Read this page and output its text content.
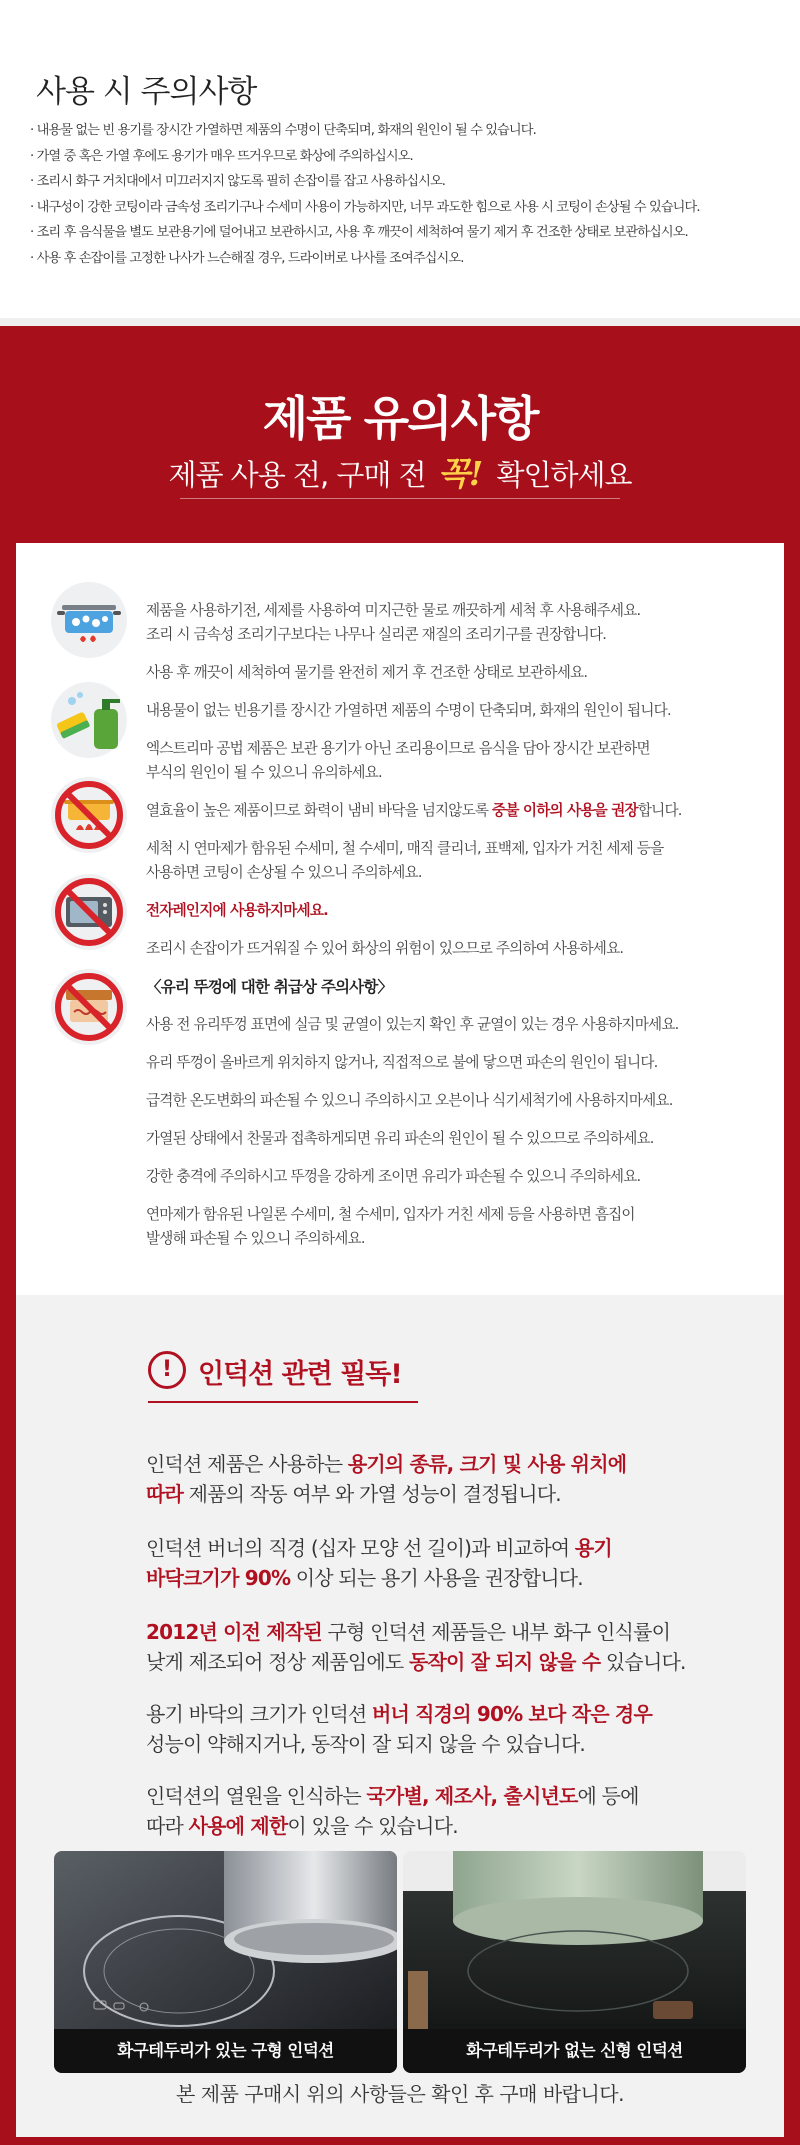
사용 시 주의사항
· 내용물 없는 빈 용기를 장시간 가열하면 제품의 수명이 단축되며, 화재의 원인이 될 수 있습니다.
· 가열 중 혹은 가열 후에도 용기가 매우 뜨거우므로 화상에 주의하십시오.
· 조리시 화구 거치대에서 미끄러지지 않도록 필히 손잡이를 잡고 사용하십시오.
· 내구성이 강한 코팅이라 금속성 조리기구나 수세미 사용이 가능하지만, 너무 과도한 힘으로 사용 시 코팅이 손상될 수 있습니다.
· 조리 후 음식물을 별도 보관용기에 덜어내고 보관하시고, 사용 후 깨끗이 세척하여 물기 제거 후 건조한 상태로 보관하십시오.
· 사용 후 손잡이를 고정한 나사가 느슨해질 경우, 드라이버로 나사를 조여주십시오.
제품 유의사항
제품 사용 전, 구매 전 꼭! 확인하세요
제품을 사용하기전, 세제를 사용하여 미지근한 물로 깨끗하게 세척 후 사용해주세요.
조리 시 금속성 조리기구보다는 나무나 실리콘 재질의 조리기구를 권장합니다.
사용 후 깨끗이 세척하여 물기를 완전히 제거 후 건조한 상태로 보관하세요.
내용물이 없는 빈용기를 장시간 가열하면 제품의 수명이 단축되며, 화재의 원인이 됩니다.
엑스트리마 공법 제품은 보관 용기가 아닌 조리용이므로 음식을 담아 장시간 보관하면
부식의 원인이 될 수 있으니 유의하세요.
열효율이 높은 제품이므로 화력이 냄비 바닥을 넘지않도록 중불 이하의 사용을 권장합니다.
세척 시 연마제가 함유된 수세미, 철 수세미, 매직 클리너, 표백제, 입자가 거친 세제 등을
사용하면 코팅이 손상될 수 있으니 주의하세요.
전자레인지에 사용하지마세요.
조리시 손잡이가 뜨거워질 수 있어 화상의 위험이 있으므로 주의하여 사용하세요.
〈유리 뚜껑에 대한 취급상 주의사항〉
사용 전 유리뚜껑 표면에 실금 및 균열이 있는지 확인 후 균열이 있는 경우 사용하지마세요.
유리 뚜껑이 올바르게 위치하지 않거나, 직접적으로 불에 닿으면 파손의 원인이 됩니다.
급격한 온도변화의 파손될 수 있으니 주의하시고 오븐이나 식기세척기에 사용하지마세요.
가열된 상태에서 찬물과 접촉하게되면 유리 파손의 원인이 될 수 있으므로 주의하세요.
강한 충격에 주의하시고 뚜껑을 강하게 조이면 유리가 파손될 수 있으니 주의하세요.
연마제가 함유된 나일론 수세미, 철 수세미, 입자가 거친 세제 등을 사용하면 흠집이
발생해 파손될 수 있으니 주의하세요.
! 인덕션 관련 필독!
인덕션 제품은 사용하는 용기의 종류, 크기 및 사용 위치에
따라 제품의 작동 여부 와 가열 성능이 결정됩니다.
인덕션 버너의 직경 (십자 모양 선 길이)과 비교하여 용기
바닥크기가 90% 이상 되는 용기 사용을 권장합니다.
2012년 이전 제작된 구형 인덕션 제품들은 내부 화구 인식률이
낮게 제조되어 정상 제품임에도 동작이 잘 되지 않을 수 있습니다.
용기 바닥의 크기가 인덕션 버너 직경의 90% 보다 작은 경우
성능이 약해지거나, 동작이 잘 되지 않을 수 있습니다.
인덕션의 열원을 인식하는 국가별, 제조사, 출시년도에 등에
따라 사용에 제한이 있을 수 있습니다.
화구테두리가 있는 구형 인덕션	화구테두리가 없는 신형 인덕션
본 제품 구매시 위의 사항들은 확인 후 구매 바랍니다.
